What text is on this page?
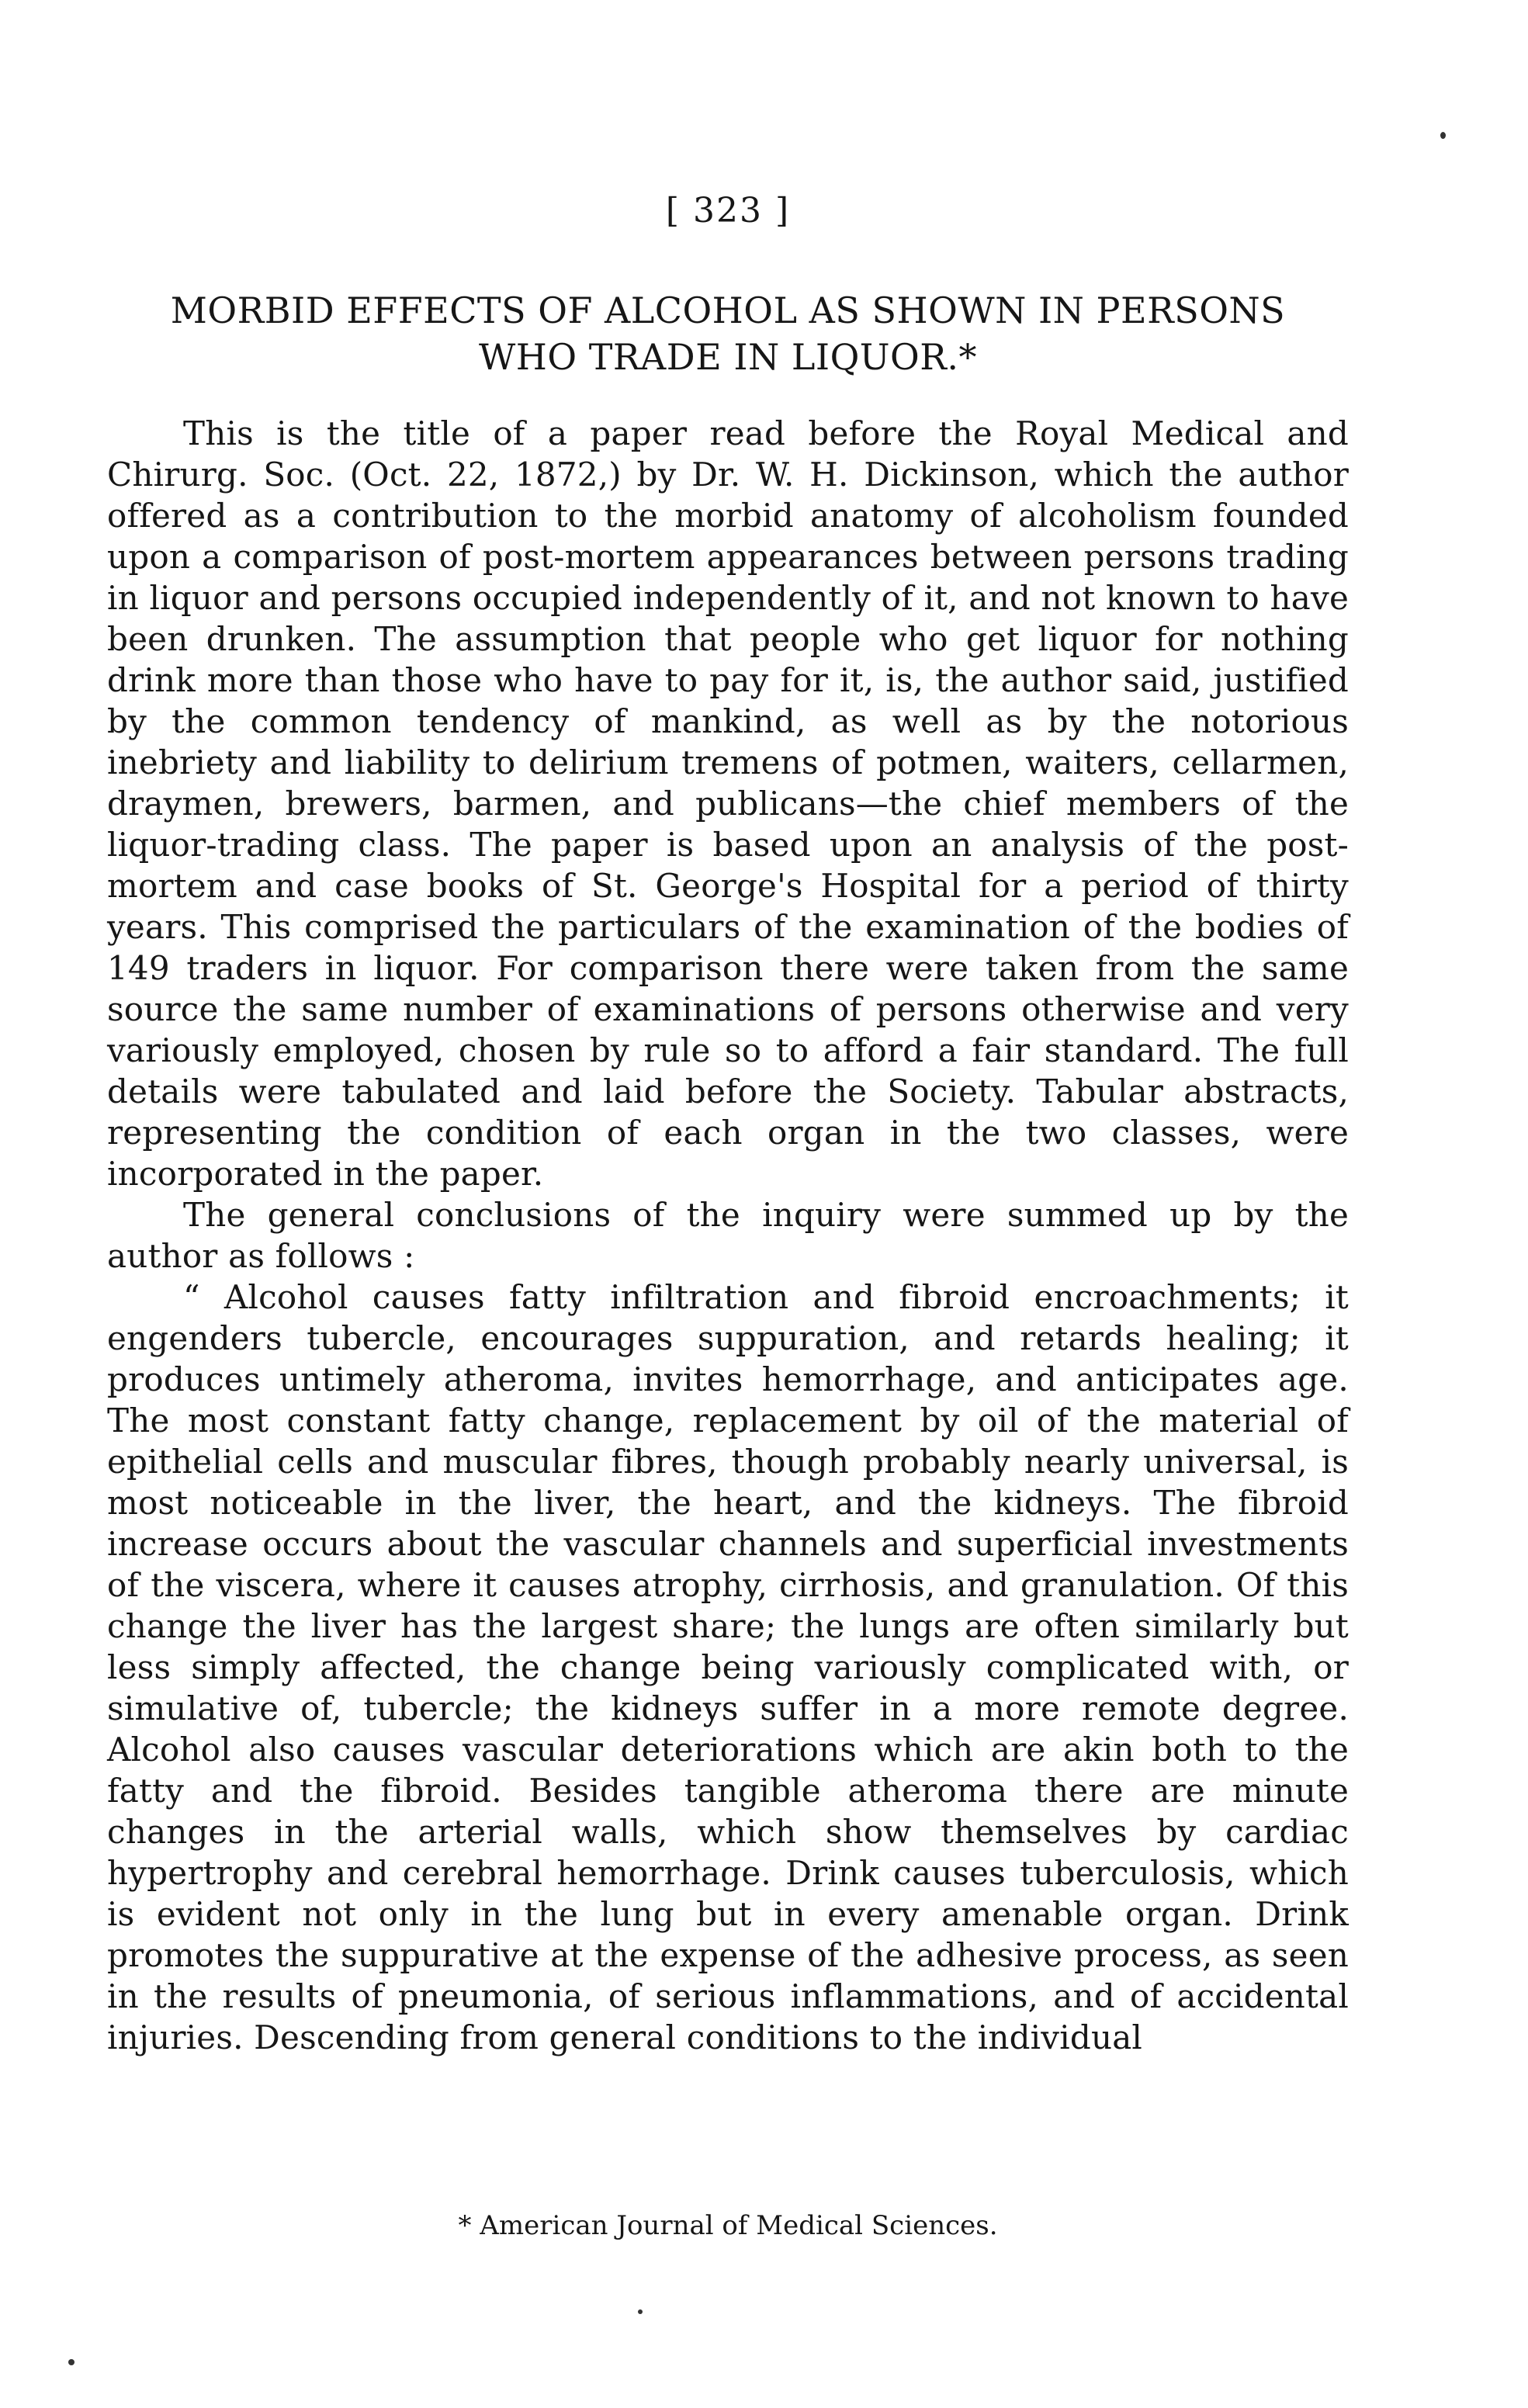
[ 323 ]
MORBID EFFECTS OF ALCOHOL AS SHOWN IN PERSONS
WHO TRADE IN LIQUOR.*

This is the title of a paper read before the Royal Medical and Chirurg. Soc. (Oct. 22, 1872,) by Dr. W. H. Dickinson, which the author offered as a contribution to the morbid anatomy of alcoholism founded upon a comparison of post-mortem appearances between persons trading in liquor and persons occupied independently of it, and not known to have been drunken. The assumption that people who get liquor for nothing drink more than those who have to pay for it, is, the author said, justified by the common tendency of mankind, as well as by the notorious inebriety and liability to delirium tremens of potmen, waiters, cellarmen, draymen, brewers, barmen, and publicans—the chief members of the liquor-trading class. The paper is based upon an analysis of the post-mortem and case books of St. George's Hospital for a period of thirty years. This comprised the particulars of the examination of the bodies of 149 traders in liquor. For comparison there were taken from the same source the same number of examinations of persons otherwise and very variously employed, chosen by rule so to afford a fair standard. The full details were tabulated and laid before the Society. Tabular abstracts, representing the condition of each organ in the two classes, were incorporated in the paper.

The general conclusions of the inquiry were summed up by the author as follows :

“ Alcohol causes fatty infiltration and fibroid encroachments; it engenders tubercle, encourages suppuration, and retards healing; it produces untimely atheroma, invites hemorrhage, and anticipates age. The most constant fatty change, replacement by oil of the material of epithelial cells and muscular fibres, though probably nearly universal, is most noticeable in the liver, the heart, and the kidneys. The fibroid increase occurs about the vascular channels and superficial investments of the viscera, where it causes atrophy, cirrhosis, and granulation. Of this change the liver has the largest share; the lungs are often similarly but less simply affected, the change being variously complicated with, or simulative of, tubercle; the kidneys suffer in a more remote degree. Alcohol also causes vascular deteriorations which are akin both to the fatty and the fibroid. Besides tangible atheroma there are minute changes in the arterial walls, which show themselves by cardiac hypertrophy and cerebral hemorrhage. Drink causes tuberculosis, which is evident not only in the lung but in every amenable organ. Drink promotes the suppurative at the expense of the adhesive process, as seen in the results of pneumonia, of serious inflammations, and of accidental injuries. Descending from general conditions to the individual

* American Journal of Medical Sciences.
